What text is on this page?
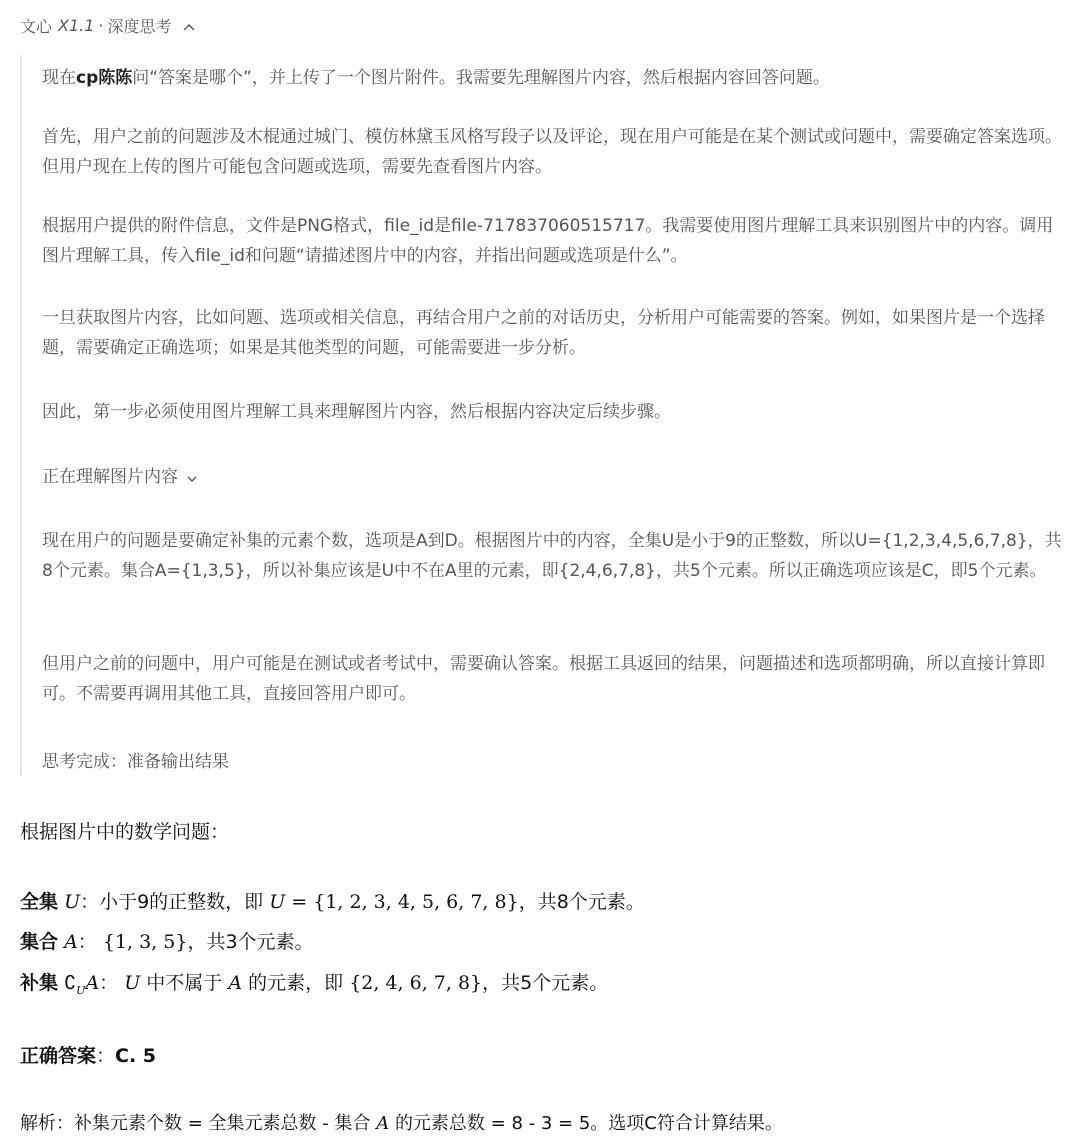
文心 X1.1 · 深度思考
现在cp陈陈问“答案是哪个”，并上传了一个图片附件。我需要先理解图片内容，然后根据内容回答问题。
首先，用户之前的问题涉及木棍通过城门、模仿林黛玉风格写段子以及评论，现在用户可能是在某个测试或问题中，需要确定答案选项。但用户现在上传的图片可能包含问题或选项，需要先查看图片内容。
根据用户提供的附件信息，文件是PNG格式，file_id是file-717837060515717。我需要使用图片理解工具来识别图片中的内容。调用图片理解工具，传入file_id和问题“请描述图片中的内容，并指出问题或选项是什么”。
一旦获取图片内容，比如问题、选项或相关信息，再结合用户之前的对话历史，分析用户可能需要的答案。例如，如果图片是一个选择题，需要确定正确选项；如果是其他类型的问题，可能需要进一步分析。
因此，第一步必须使用图片理解工具来理解图片内容，然后根据内容决定后续步骤。
正在理解图片内容
现在用户的问题是要确定补集的元素个数，选项是A到D。根据图片中的内容，全集U是小于9的正整数，所以U={1,2,3,4,5,6,7,8}，共8个元素。集合A={1,3,5}，所以补集应该是U中不在A里的元素，即{2,4,6,7,8}，共5个元素。所以正确选项应该是C，即5个元素。
但用户之前的问题中，用户可能是在测试或者考试中，需要确认答案。根据工具返回的结果，问题描述和选项都明确，所以直接计算即可。不需要再调用其他工具，直接回答用户即可。
思考完成：准备输出结果
根据图片中的数学问题：
全集 U：小于9的正整数，即 U = {1, 2, 3, 4, 5, 6, 7, 8}，共8个元素。
集合 A： {1, 3, 5}，共3个元素。
补集 $∁_UA$： U 中不属于 A 的元素，即 {2, 4, 6, 7, 8}，共5个元素。
正确答案：C. 5
解析：补集元素个数 = 全集元素总数 - 集合 A 的元素总数 = 8 - 3 = 5。选项C符合计算结果。
